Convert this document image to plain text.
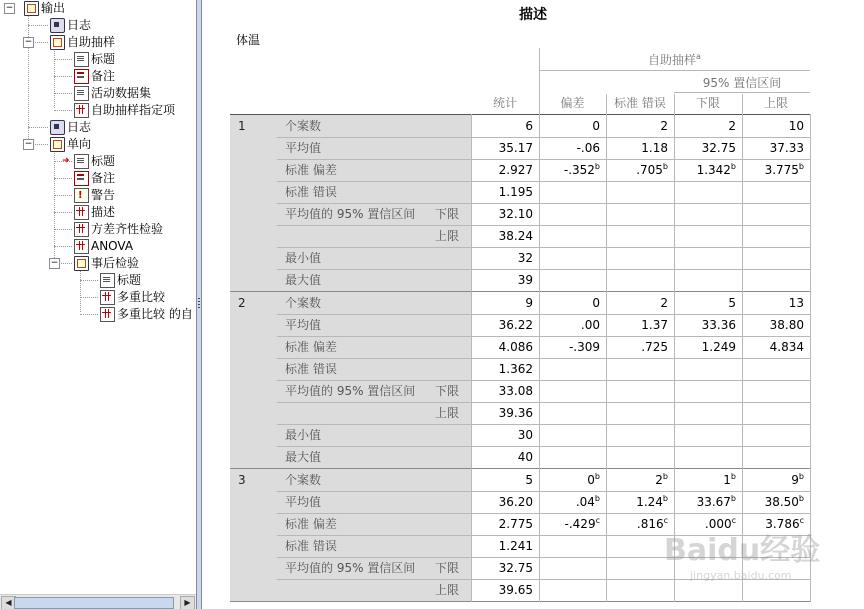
−	输出
日志
−	自助抽样
标题
备注
活动数据集
自助抽样指定项
日志
−	单向
标题
➜
备注
!警告
描述
方差齐性检验
ANOVA
−	事后检验
标题
多重比较
多重比较 的自
◀	▶
描述
体温
自助抽样$^a$
95% 置信区间
统计	偏差	标准 错误	下限	上限
1	个案数	6	0	2	2	10
平均值	35.17	-.06	1.18	32.75	37.33
标准 偏差	2.927	-.352$^b$	.705$^b$	1.342$^b$	3.775$^b$
标准 错误	1.195
平均值的 95% 置信区间	下限	32.10
上限	38.24
最小值	32
最大值	39
2	个案数	9	0	2	5	13
平均值	36.22	.00	1.37	33.36	38.80
标准 偏差	4.086	-.309	.725	1.249	4.834
标准 错误	1.362
平均值的 95% 置信区间	下限	33.08
上限	39.36
最小值	30
最大值	40
3	个案数	5	0$^b$	2$^b$	1$^b$	9$^b$
平均值	36.20	.04$^b$	1.24$^b$	33.67$^b$	38.50$^b$
标准 偏差	2.775	-.429$^c$	.816$^c$	.000$^c$	3.786$^c$
标准 错误	1.241
平均值的 95% 置信区间	下限	32.75
上限	39.65
Baidu经验
jingyan.baidu.com
